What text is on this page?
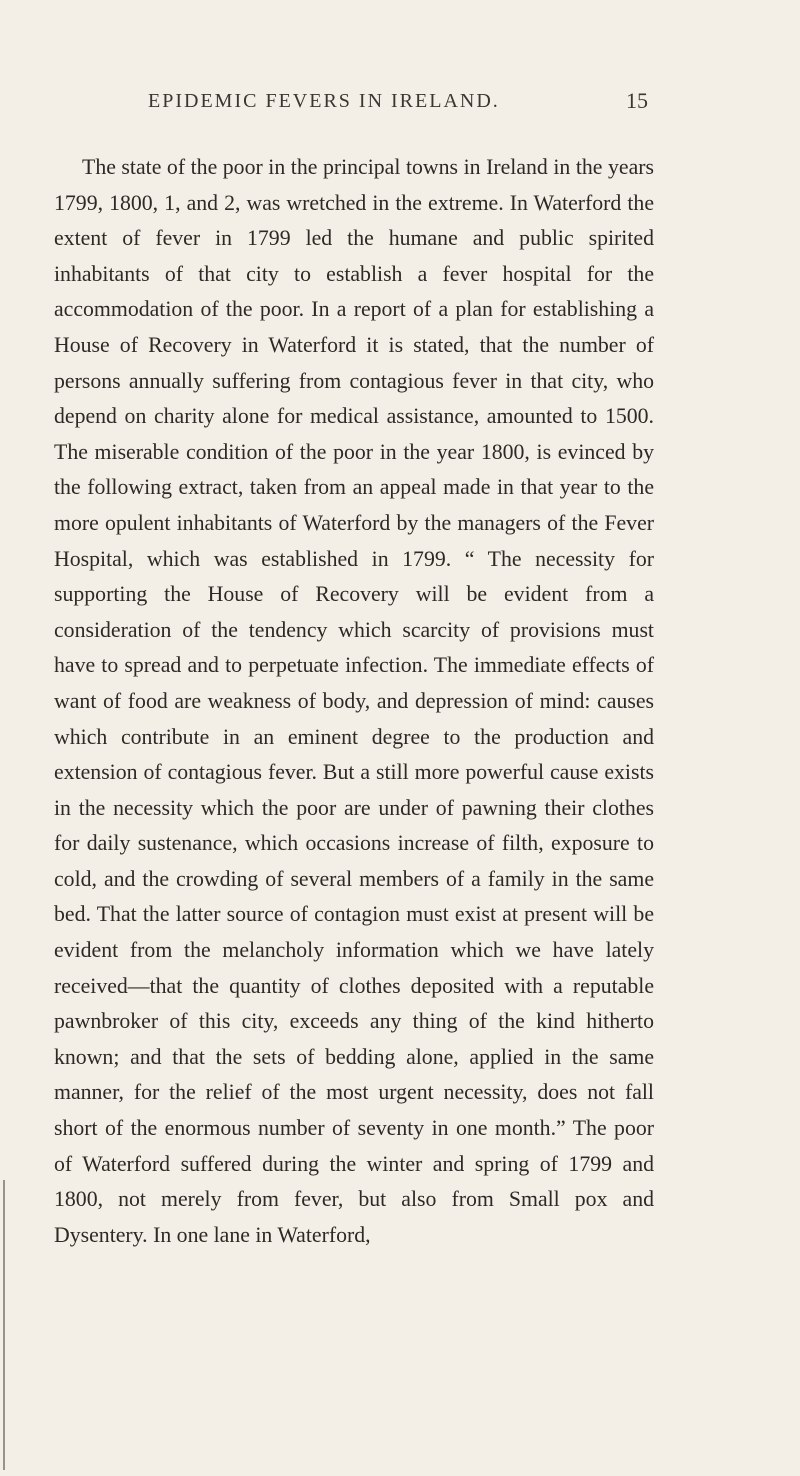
EPIDEMIC FEVERS IN IRELAND.	15

The state of the poor in the principal towns in Ireland in the years 1799, 1800, 1, and 2, was wretched in the extreme. In Waterford the extent of fever in 1799 led the humane and public spirited inhabitants of that city to establish a fever hospital for the accommodation of the poor. In a report of a plan for establishing a House of Recovery in Waterford it is stated, that the number of persons annually suffering from contagious fever in that city, who depend on charity alone for medical assistance, amounted to 1500. The miserable condition of the poor in the year 1800, is evinced by the following extract, taken from an appeal made in that year to the more opulent inhabitants of Waterford by the managers of the Fever Hospital, which was established in 1799. “ The necessity for supporting the House of Recovery will be evident from a consideration of the tendency which scarcity of provisions must have to spread and to perpetuate infection. The immediate effects of want of food are weakness of body, and depression of mind: causes which contribute in an eminent degree to the production and extension of contagious fever. But a still more powerful cause exists in the necessity which the poor are under of pawning their clothes for daily sustenance, which occasions increase of filth, exposure to cold, and the crowding of several members of a family in the same bed. That the latter source of contagion must exist at present will be evident from the melancholy information which we have lately received—that the quantity of clothes deposited with a reputable pawnbroker of this city, exceeds any thing of the kind hitherto known; and that the sets of bedding alone, applied in the same manner, for the relief of the most urgent necessity, does not fall short of the enormous number of seventy in one month.” The poor of Waterford suffered during the winter and spring of 1799 and 1800, not merely from fever, but also from Small pox and Dysentery. In one lane in Waterford,
